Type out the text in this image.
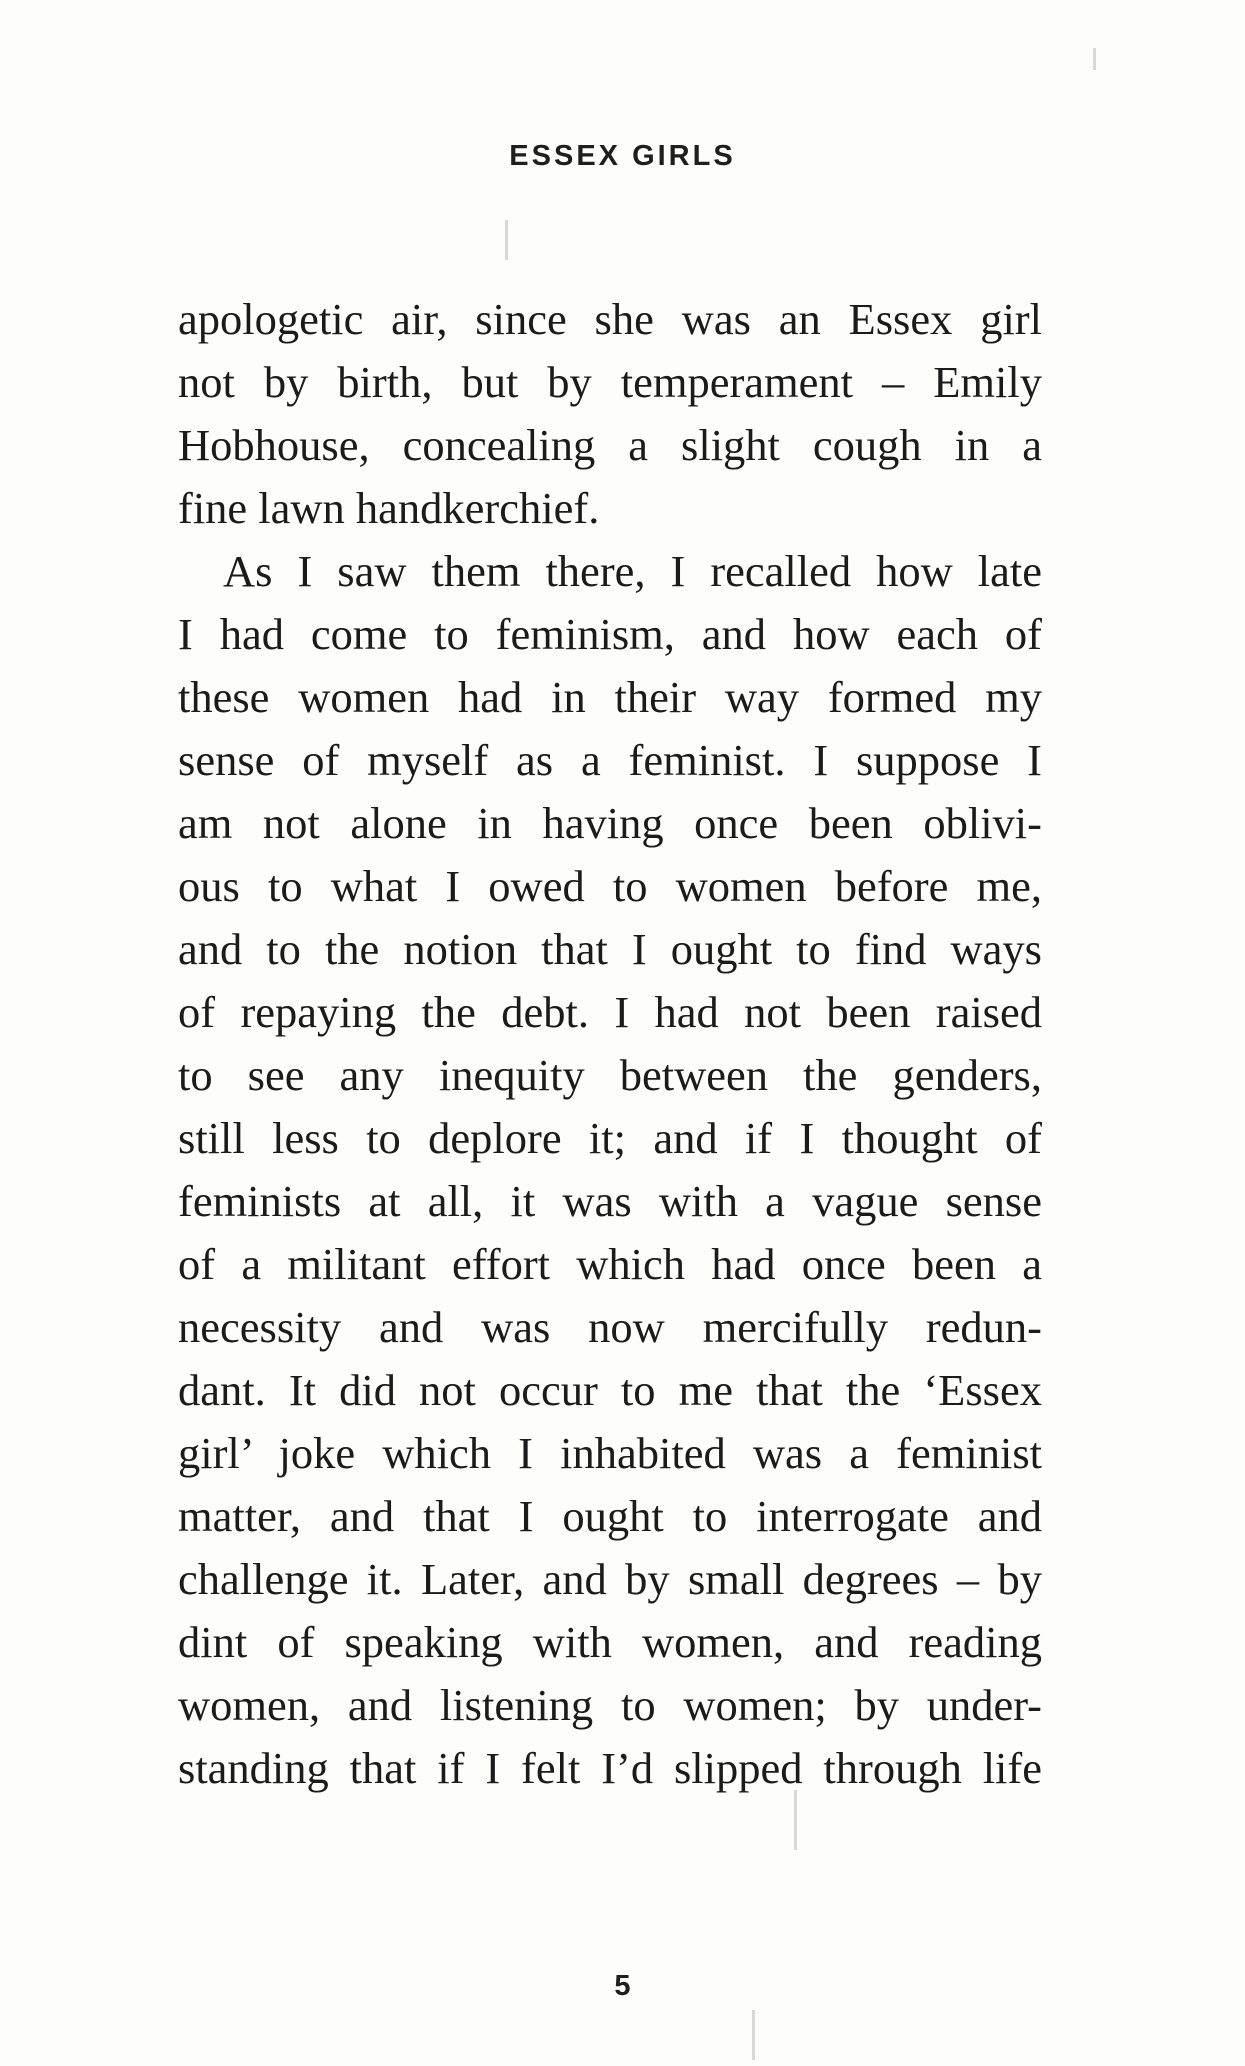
ESSEX GIRLS
apologetic air, since she was an Essex girl
not by birth, but by temperament – Emily
Hobhouse, concealing a slight cough in a
fine lawn handkerchief.
As I saw them there, I recalled how late
I had come to feminism, and how each of
these women had in their way formed my
sense of myself as a feminist. I suppose I
am not alone in having once been oblivi-
ous to what I owed to women before me,
and to the notion that I ought to find ways
of repaying the debt. I had not been raised
to see any inequity between the genders,
still less to deplore it; and if I thought of
feminists at all, it was with a vague sense
of a militant effort which had once been a
necessity and was now mercifully redun-
dant. It did not occur to me that the ‘Essex
girl’ joke which I inhabited was a feminist
matter, and that I ought to interrogate and
challenge it. Later, and by small degrees – by
dint of speaking with women, and reading
women, and listening to women; by under-
standing that if I felt I’d slipped through life
5
